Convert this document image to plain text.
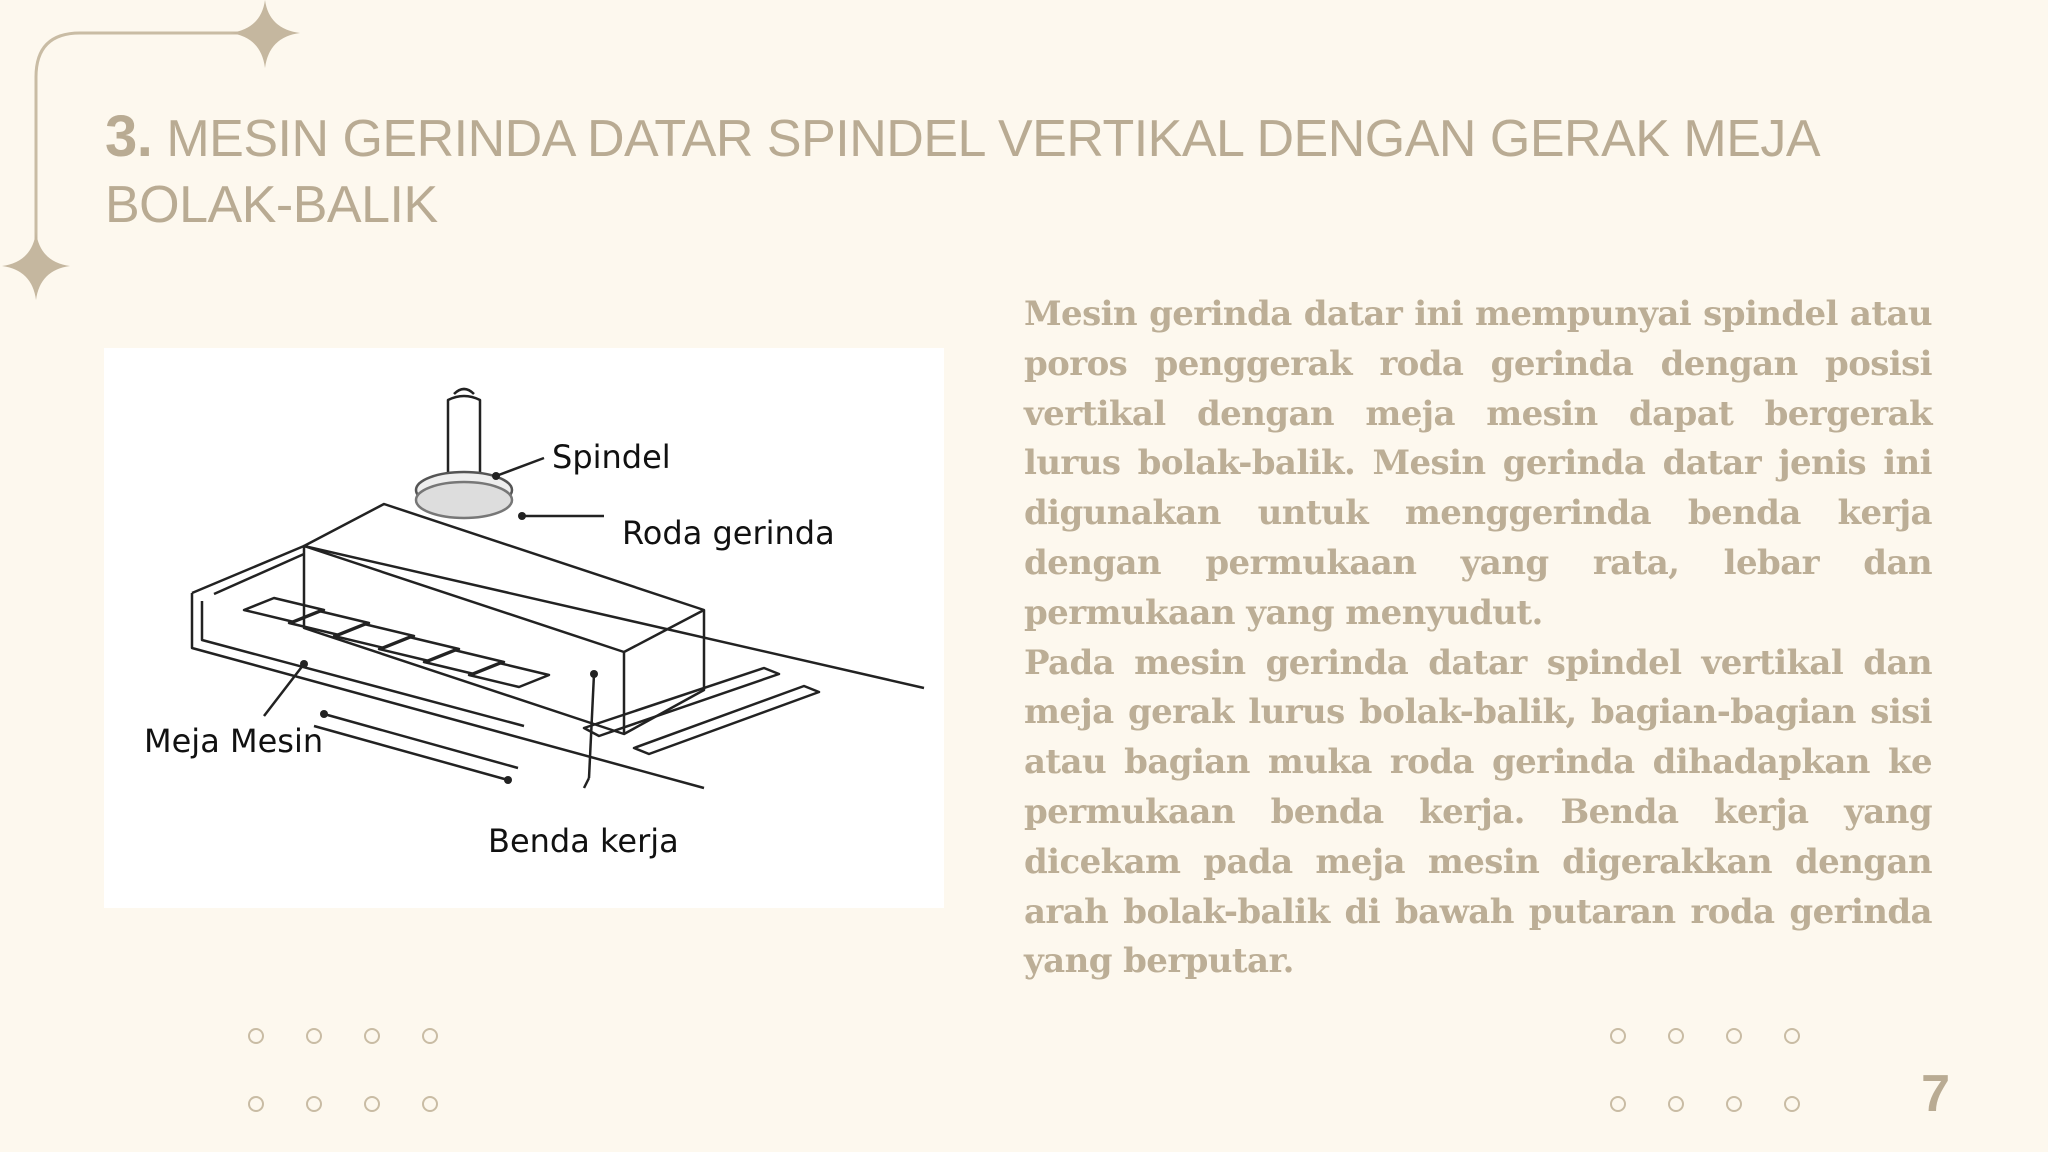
3. MESIN GERINDA DATAR SPINDEL VERTIKAL DENGAN GERAK MEJA BOLAK-BALIK
Spindel
Roda gerinda
Meja Mesin
Benda kerja

Mesin gerinda datar ini mempunyai spindel atau poros penggerak roda gerinda dengan posisi vertikal dengan meja mesin dapat bergerak lurus bolak-balik. Mesin gerinda datar jenis ini digunakan untuk menggerinda benda kerja dengan permukaan yang rata, lebar dan permukaan yang menyudut.

Pada mesin gerinda datar spindel vertikal dan meja gerak lurus bolak-balik, bagian-bagian sisi atau bagian muka roda gerinda dihadapkan ke permukaan benda kerja. Benda kerja yang dicekam pada meja mesin digerakkan dengan arah bolak-balik di bawah putaran roda gerinda yang berputar.

7
